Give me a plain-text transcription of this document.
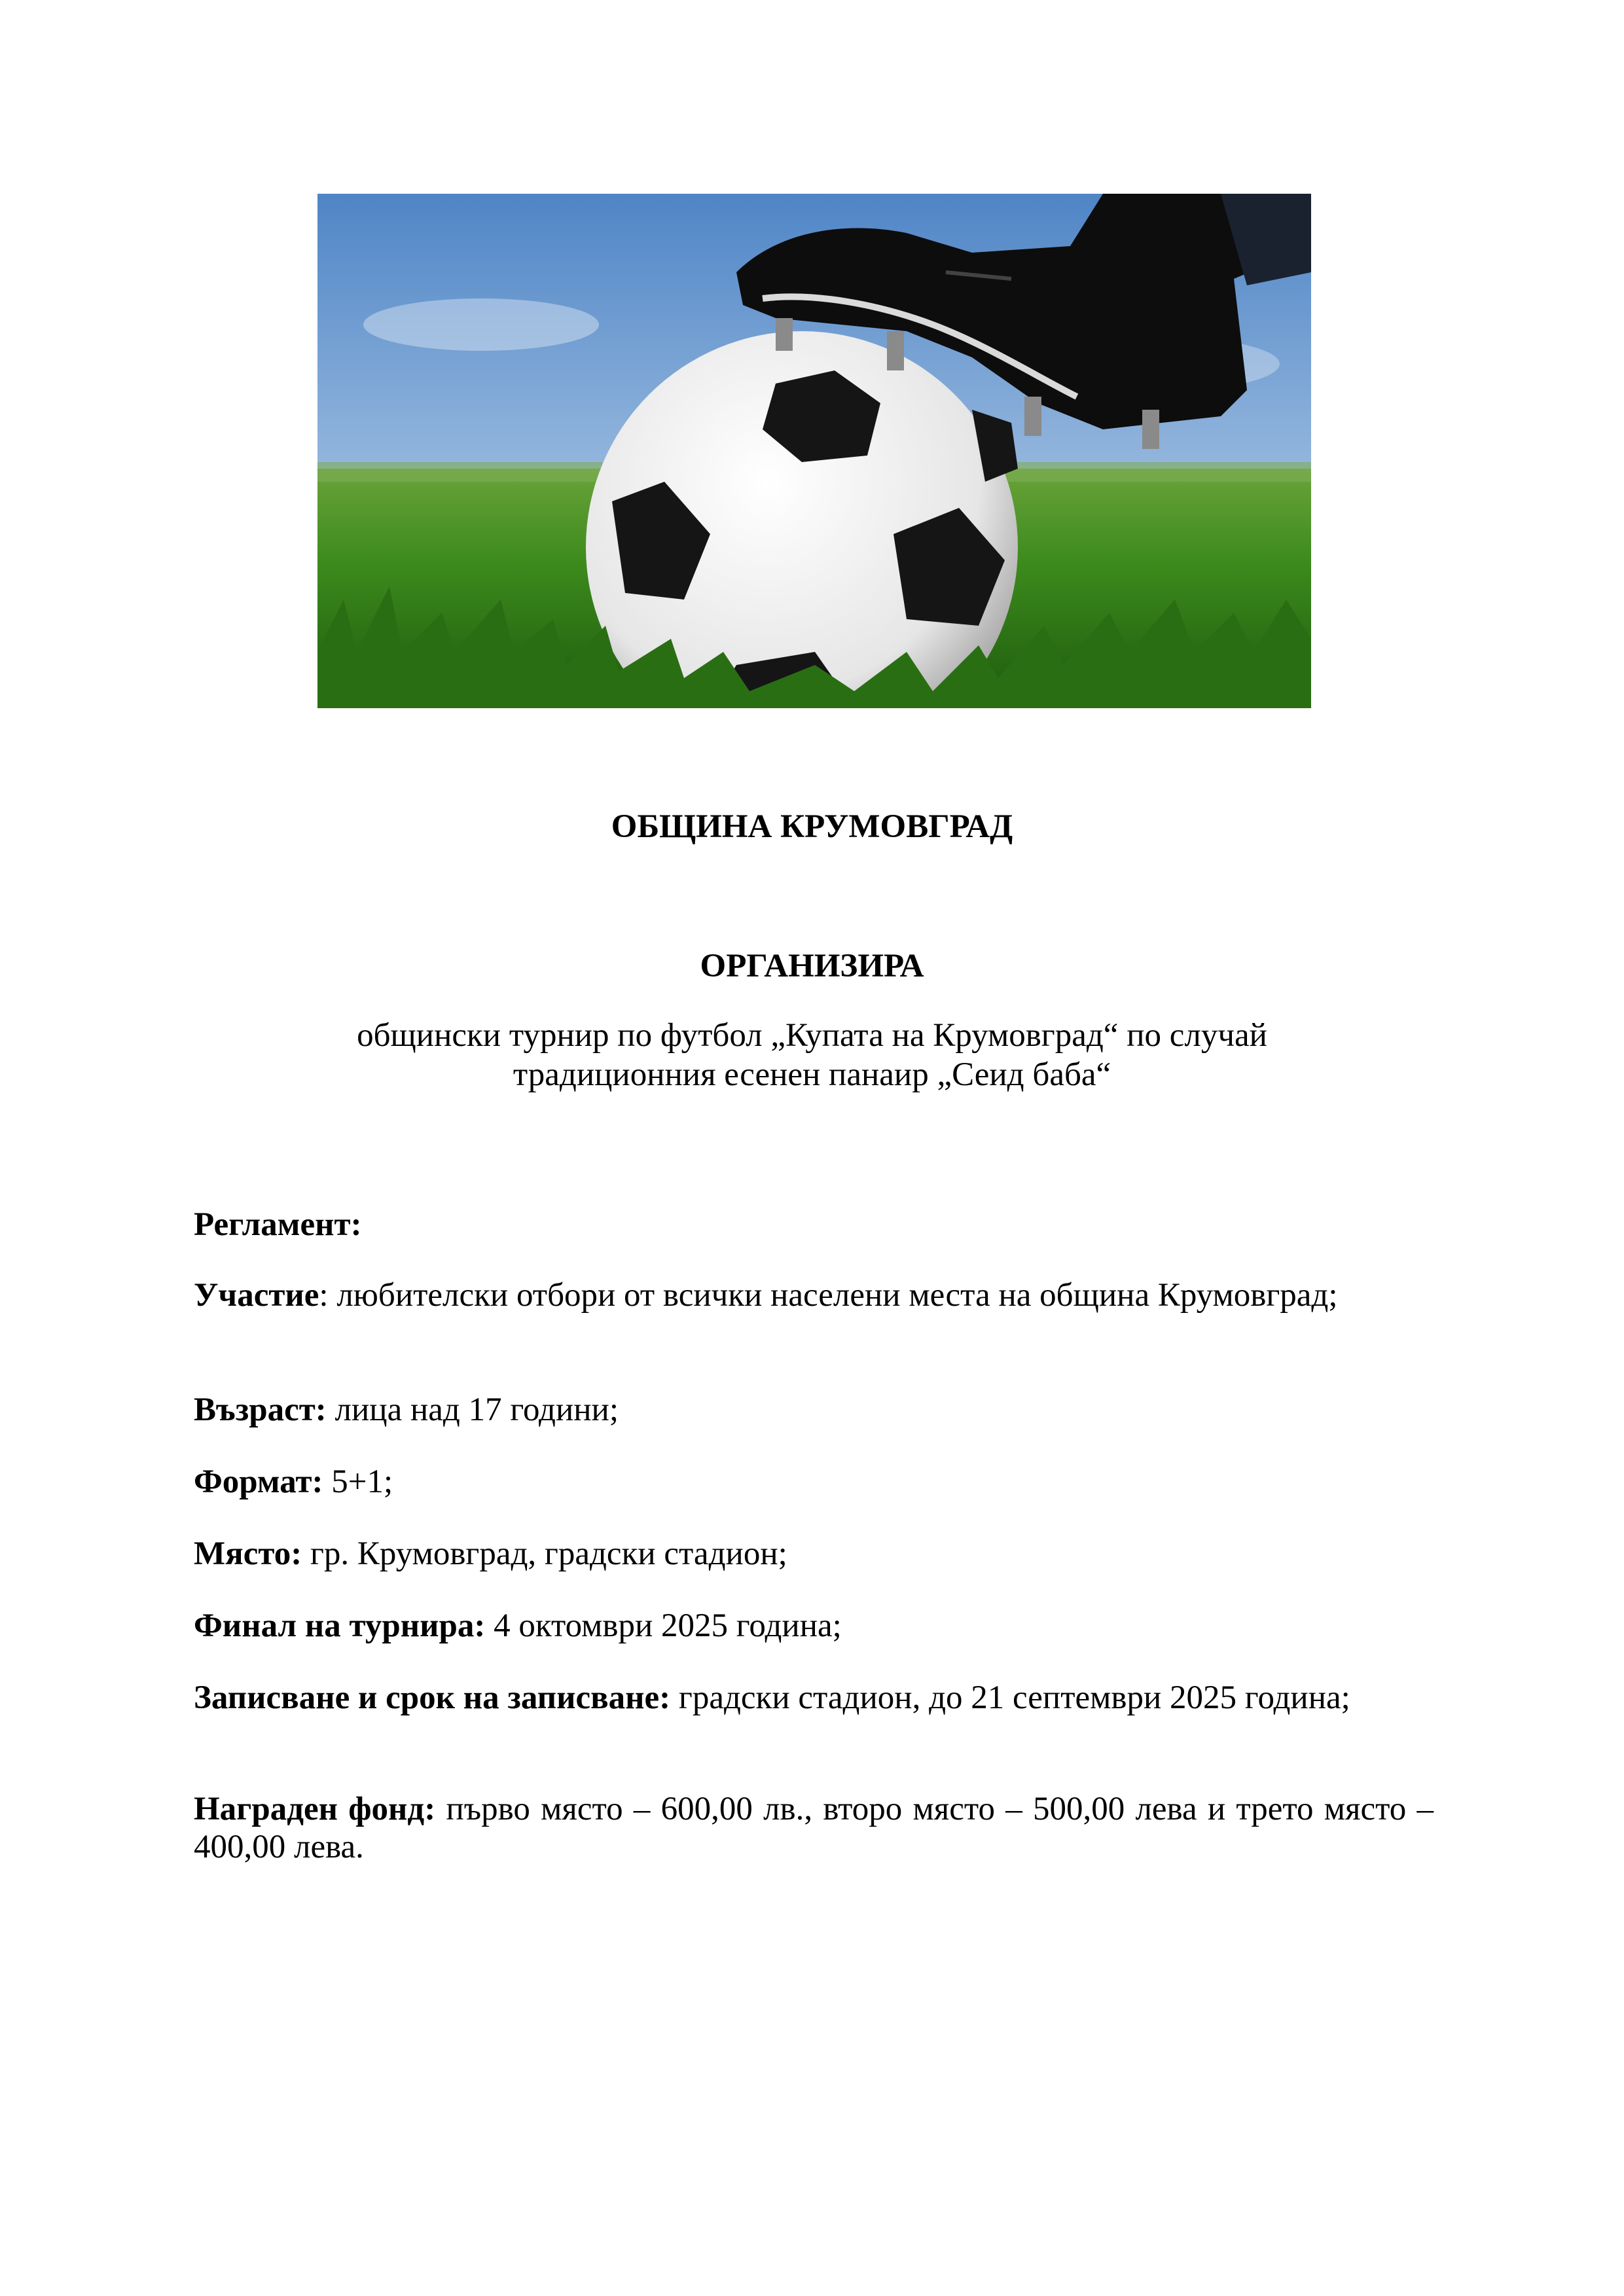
ОБЩИНА КРУМОВГРАД
ОРГАНИЗИРА
общински турнир по футбол „Купата на Крумовград“ по случай
традиционния есенен панаир „Сеид баба“
Регламент:
Участие: любителски отбори от всички населени места на община Крумовград;
Възраст: лица над 17 години;
Формат: 5+1;
Място: гр. Крумовград, градски стадион;
Финал на турнира: 4 октомври 2025 година;
Записване и срок на записване: градски стадион, до 21 септември 2025 година;
Награден фонд: първо място – 600,00 лв., второ място – 500,00 лева и трето място – 400,00 лева.
